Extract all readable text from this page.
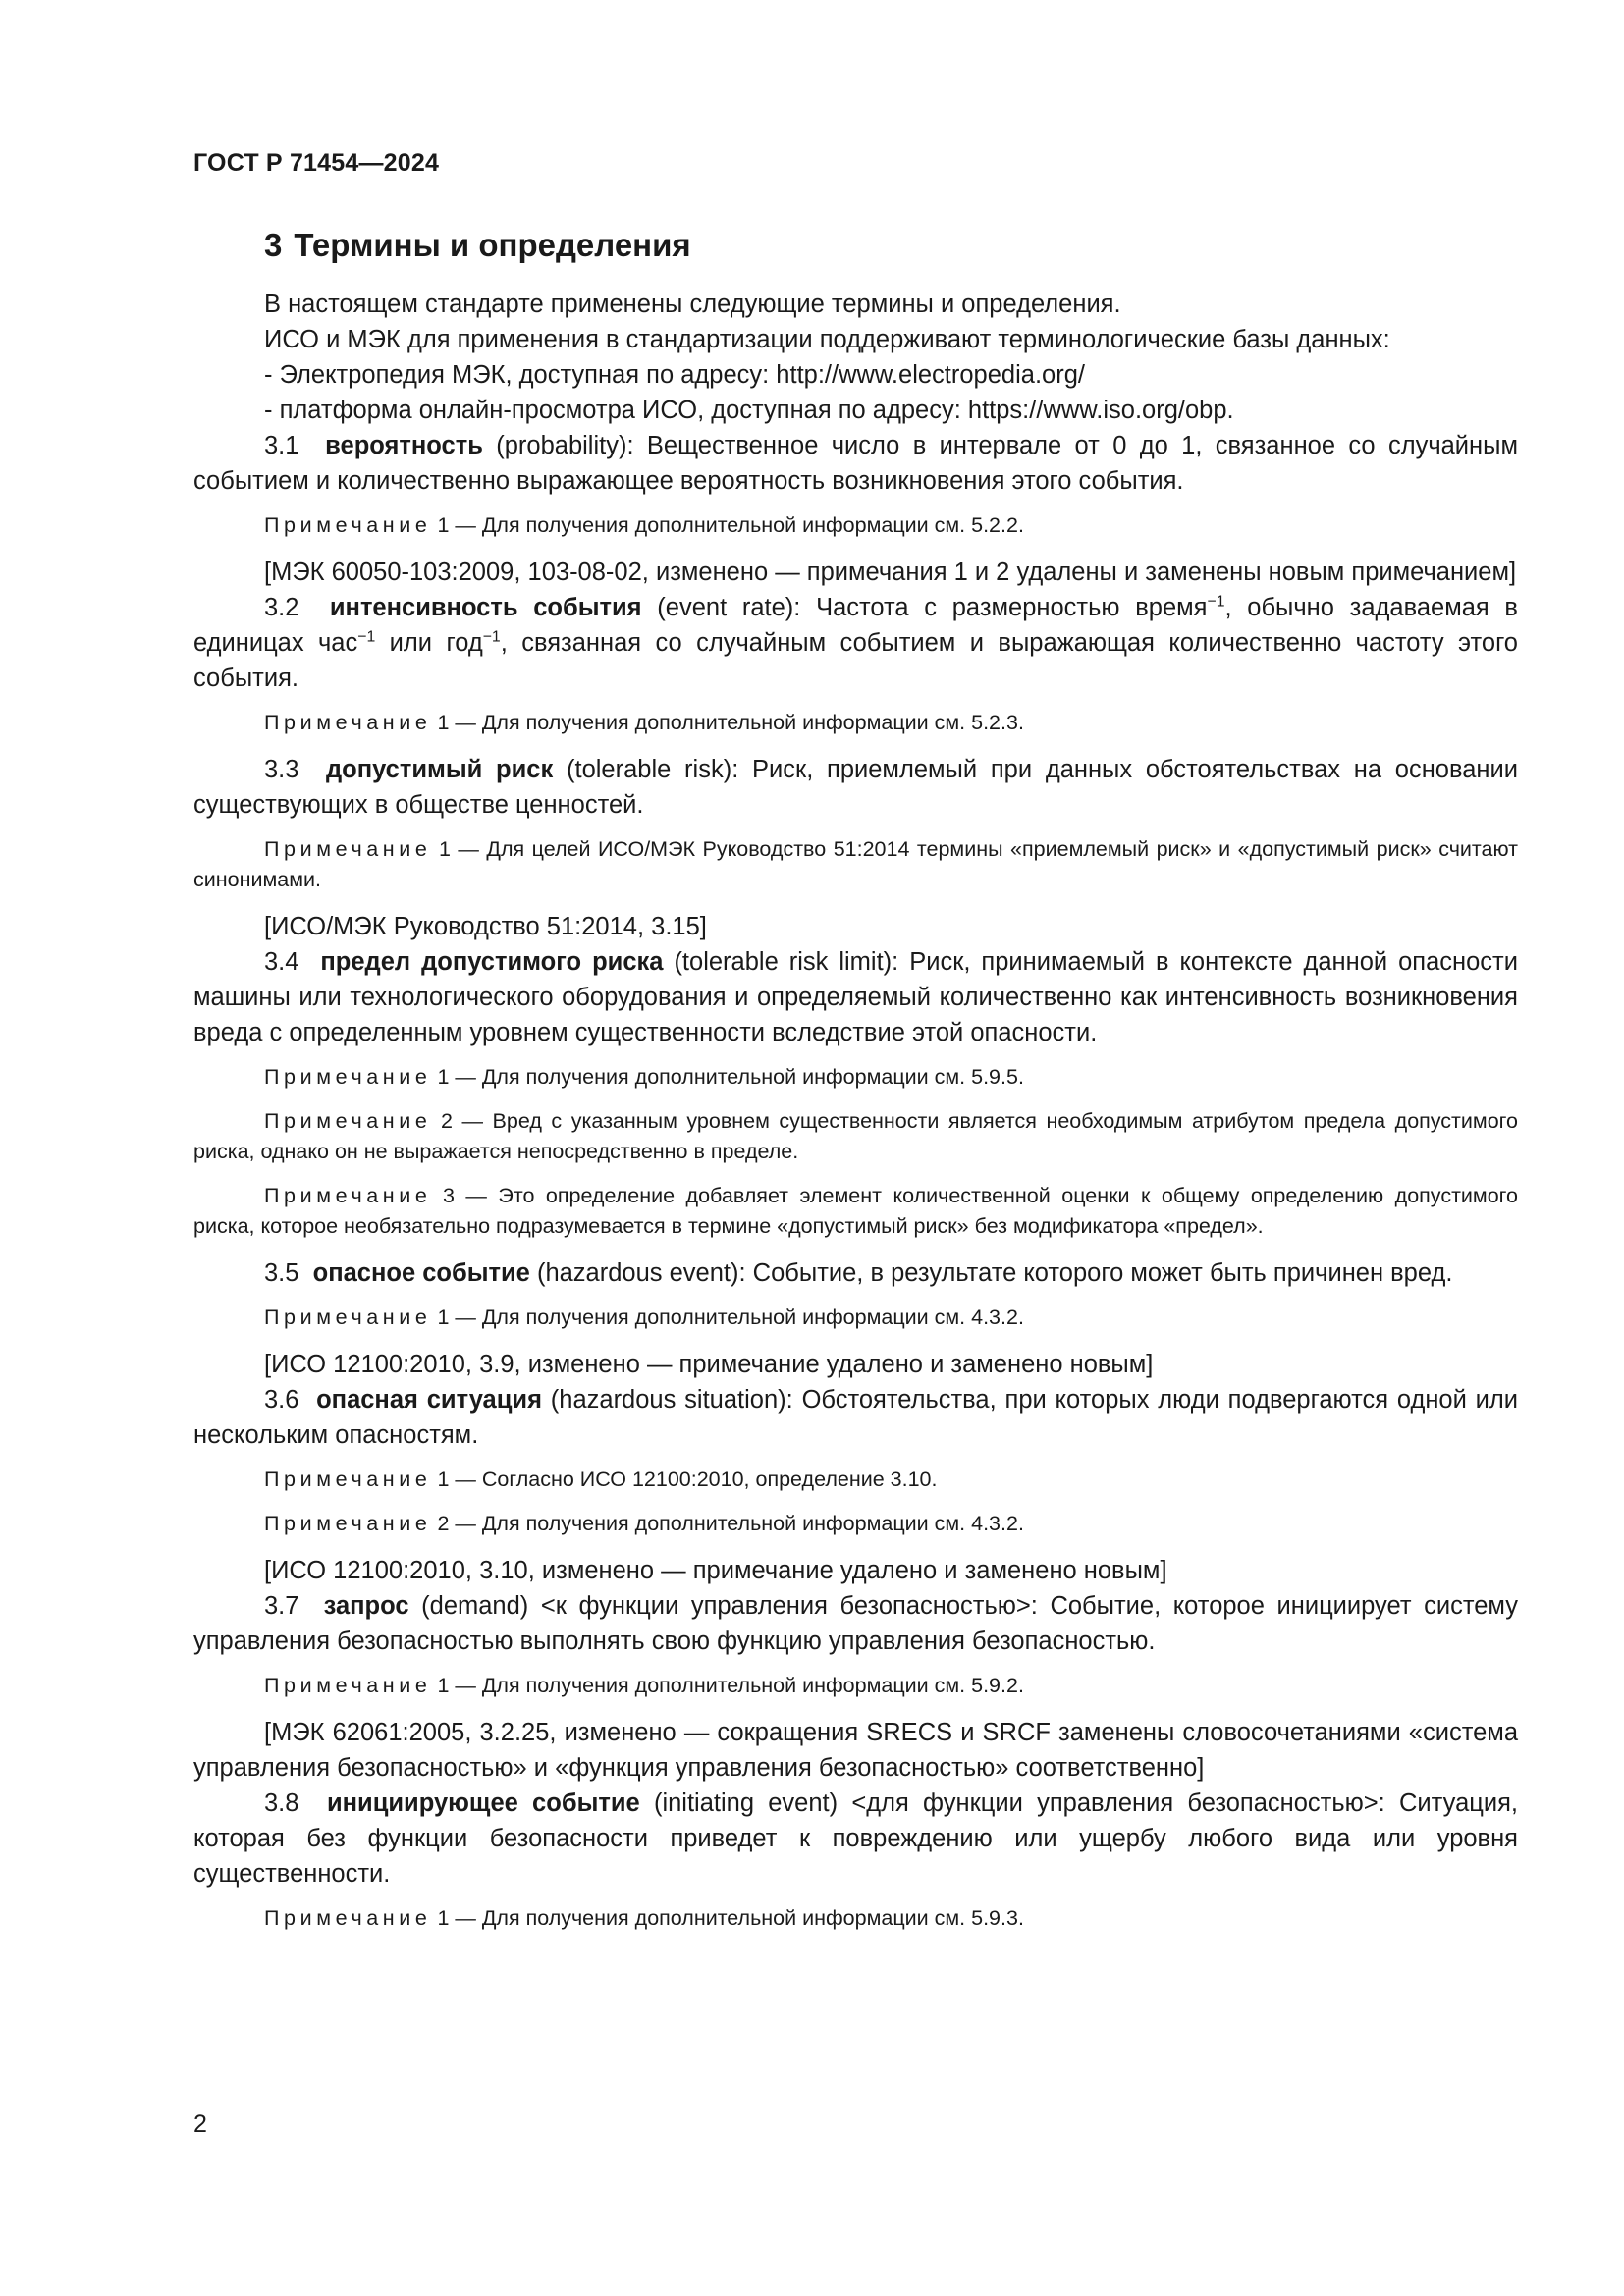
ГОСТ Р 71454—2024
3 Термины и определения

В настоящем стандарте применены следующие термины и определения.

ИСО и МЭК для применения в стандартизации поддерживают терминологические базы данных:

- Электропедия МЭК, доступная по адресу: http://www.electropedia.org/

- платформа онлайн-просмотра ИСО, доступная по адресу: https://www.iso.org/obp.

3.1 вероятность (probability): Вещественное число в интервале от 0 до 1, связанное со случайным событием и количественно выражающее вероятность возникновения этого события.

Примечание 1 — Для получения дополнительной информации см. 5.2.2.

[МЭК 60050-103:2009, 103-08-02, изменено — примечания 1 и 2 удалены и заменены новым примечанием]

3.2 интенсивность события (event rate): Частота с размерностью время$^{-1}$, обычно задаваемая в единицах час$^{-1}$ или год$^{-1}$, связанная со случайным событием и выражающая количественно частоту этого события.

Примечание 1 — Для получения дополнительной информации см. 5.2.3.

3.3 допустимый риск (tolerable risk): Риск, приемлемый при данных обстоятельствах на основании существующих в обществе ценностей.

Примечание 1 — Для целей ИСО/МЭК Руководство 51:2014 термины «приемлемый риск» и «допустимый риск» считают синонимами.

[ИСО/МЭК Руководство 51:2014, 3.15]

3.4 предел допустимого риска (tolerable risk limit): Риск, принимаемый в контексте данной опасности машины или технологического оборудования и определяемый количественно как интенсивность возникновения вреда с определенным уровнем существенности вследствие этой опасности.

Примечание 1 — Для получения дополнительной информации см. 5.9.5.

Примечание 2 — Вред с указанным уровнем существенности является необходимым атрибутом предела допустимого риска, однако он не выражается непосредственно в пределе.

Примечание 3 — Это определение добавляет элемент количественной оценки к общему определению допустимого риска, которое необязательно подразумевается в термине «допустимый риск» без модификатора «предел».

3.5 опасное событие (hazardous event): Событие, в результате которого может быть причинен вред.

Примечание 1 — Для получения дополнительной информации см. 4.3.2.

[ИСО 12100:2010, 3.9, изменено — примечание удалено и заменено новым]

3.6 опасная ситуация (hazardous situation): Обстоятельства, при которых люди подвергаются одной или нескольким опасностям.

Примечание 1 — Согласно ИСО 12100:2010, определение 3.10.

Примечание 2 — Для получения дополнительной информации см. 4.3.2.

[ИСО 12100:2010, 3.10, изменено — примечание удалено и заменено новым]

3.7 запрос (demand) <к функции управления безопасностью>: Событие, которое инициирует систему управления безопасностью выполнять свою функцию управления безопасностью.

Примечание 1 — Для получения дополнительной информации см. 5.9.2.

[МЭК 62061:2005, 3.2.25, изменено — сокращения SRECS и SRCF заменены словосочетаниями «система управления безопасностью» и «функция управления безопасностью» соответственно]

3.8 инициирующее событие (initiating event) <для функции управления безопасностью>: Ситуация, которая без функции безопасности приведет к повреждению или ущербу любого вида или уровня существенности.

Примечание 1 — Для получения дополнительной информации см. 5.9.3.

2
